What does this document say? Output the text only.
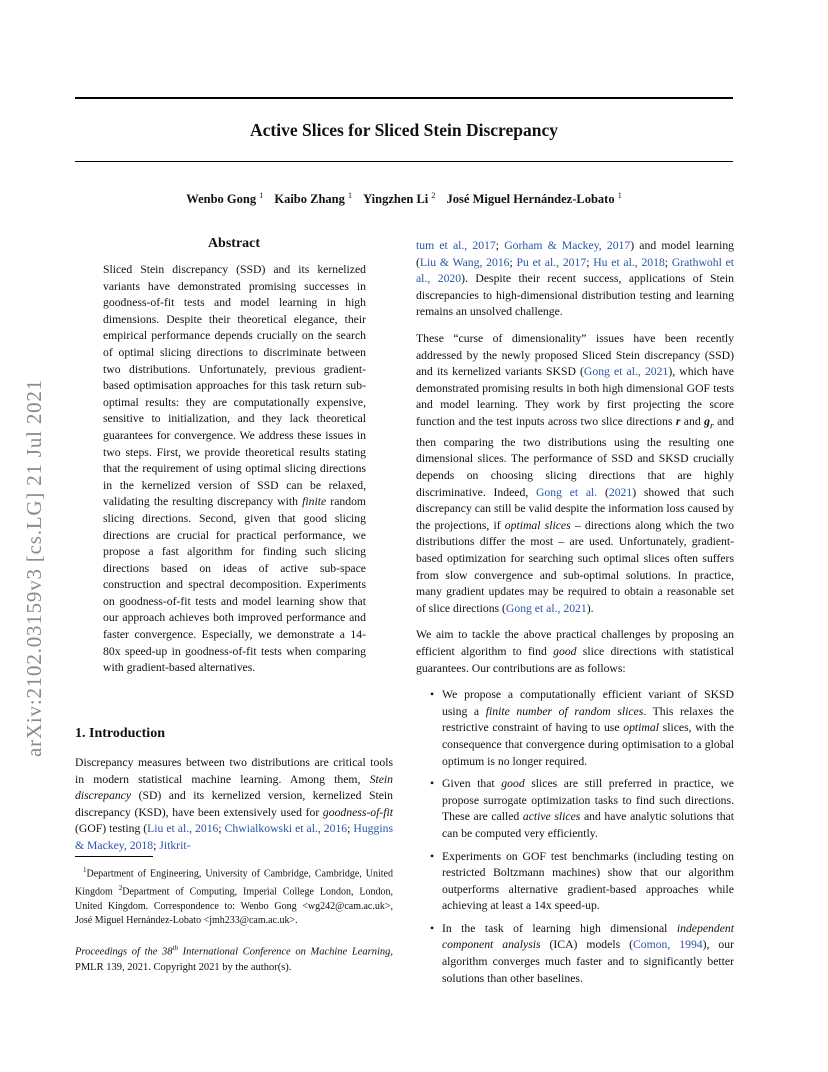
arXiv:2102.03159v3 [cs.LG] 21 Jul 2021
Active Slices for Sliced Stein Discrepancy
Wenbo Gong $^1$ Kaibo Zhang $^1$ Yingzhen Li $^2$ José Miguel Hernández-Lobato $^1$
Abstract

Sliced Stein discrepancy (SSD) and its kernelized variants have demonstrated promising successes in goodness-of-fit tests and model learning in high dimensions. Despite their theoretical elegance, their empirical performance depends crucially on the search of optimal slicing directions to discriminate between two distributions. Unfortunately, previous gradient-based optimisation approaches for this task return sub-optimal results: they are computationally expensive, sensitive to initialization, and they lack theoretical guarantees for convergence. We address these issues in two steps. First, we provide theoretical results stating that the requirement of using optimal slicing directions in the kernelized version of SSD can be relaxed, validating the resulting discrepancy with finite random slicing directions. Second, given that good slicing directions are crucial for practical performance, we propose a fast algorithm for finding such slicing directions based on ideas of active sub-space construction and spectral decomposition. Experiments on goodness-of-fit tests and model learning show that our approach achieves both improved performance and faster convergence. Especially, we demonstrate a 14-80x speed-up in goodness-of-fit tests when comparing with gradient-based alternatives.

1. Introduction

Discrepancy measures between two distributions are critical tools in modern statistical machine learning. Among them, Stein discrepancy (SD) and its kernelized version, kernelized Stein discrepancy (KSD), have been extensively used for goodness-of-fit (GOF) testing (Liu et al., 2016; Chwialkowski et al., 2016; Huggins & Mackey, 2018; Jitkrit-

$^1$Department of Engineering, University of Cambridge, Cambridge, United Kingdom $^2$Department of Computing, Imperial College London, London, United Kingdom. Correspondence to: Wenbo Gong <wg242@cam.ac.uk>, José Miguel Hernández-Lobato <jmh233@cam.ac.uk>.
Proceedings of the 38th International Conference on Machine Learning, PMLR 139, 2021. Copyright 2021 by the author(s).

tum et al., 2017; Gorham & Mackey, 2017) and model learning (Liu & Wang, 2016; Pu et al., 2017; Hu et al., 2018; Grathwohl et al., 2020). Despite their recent success, applications of Stein discrepancies to high-dimensional distribution testing and learning remains an unsolved challenge.

These “curse of dimensionality” issues have been recently addressed by the newly proposed Sliced Stein discrepancy (SSD) and its kernelized variants SKSD (Gong et al., 2021), which have demonstrated promising results in both high dimensional GOF tests and model learning. They work by first projecting the score function and the test inputs across two slice directions r and $g_r$ and then comparing the two distributions using the resulting one dimensional slices. The performance of SSD and SKSD crucially depends on choosing slicing directions that are highly discriminative. Indeed, Gong et al. (2021) showed that such discrepancy can still be valid despite the information loss caused by the projections, if optimal slices – directions along which the two distributions differ the most – are used. Unfortunately, gradient-based optimization for searching such optimal slices often suffers from slow convergence and sub-optimal solutions. In practice, many gradient updates may be required to obtain a reasonable set of slice directions (Gong et al., 2021).

We aim to tackle the above practical challenges by proposing an efficient algorithm to find good slice directions with statistical guarantees. Our contributions are as follows:

• We propose a computationally efficient variant of SKSD using a finite number of random slices. This relaxes the restrictive constraint of having to use optimal slices, with the consequence that convergence during optimisation to a global optimum is no longer required.
• Given that good slices are still preferred in practice, we propose surrogate optimization tasks to find such directions. These are called active slices and have analytic solutions that can be computed very efficiently.
• Experiments on GOF test benchmarks (including testing on restricted Boltzmann machines) show that our algorithm outperforms alternative gradient-based approaches while achieving at least a 14x speed-up.
• In the task of learning high dimensional independent component analysis (ICA) models (Comon, 1994), our algorithm converges much faster and to significantly better solutions than other baselines.
